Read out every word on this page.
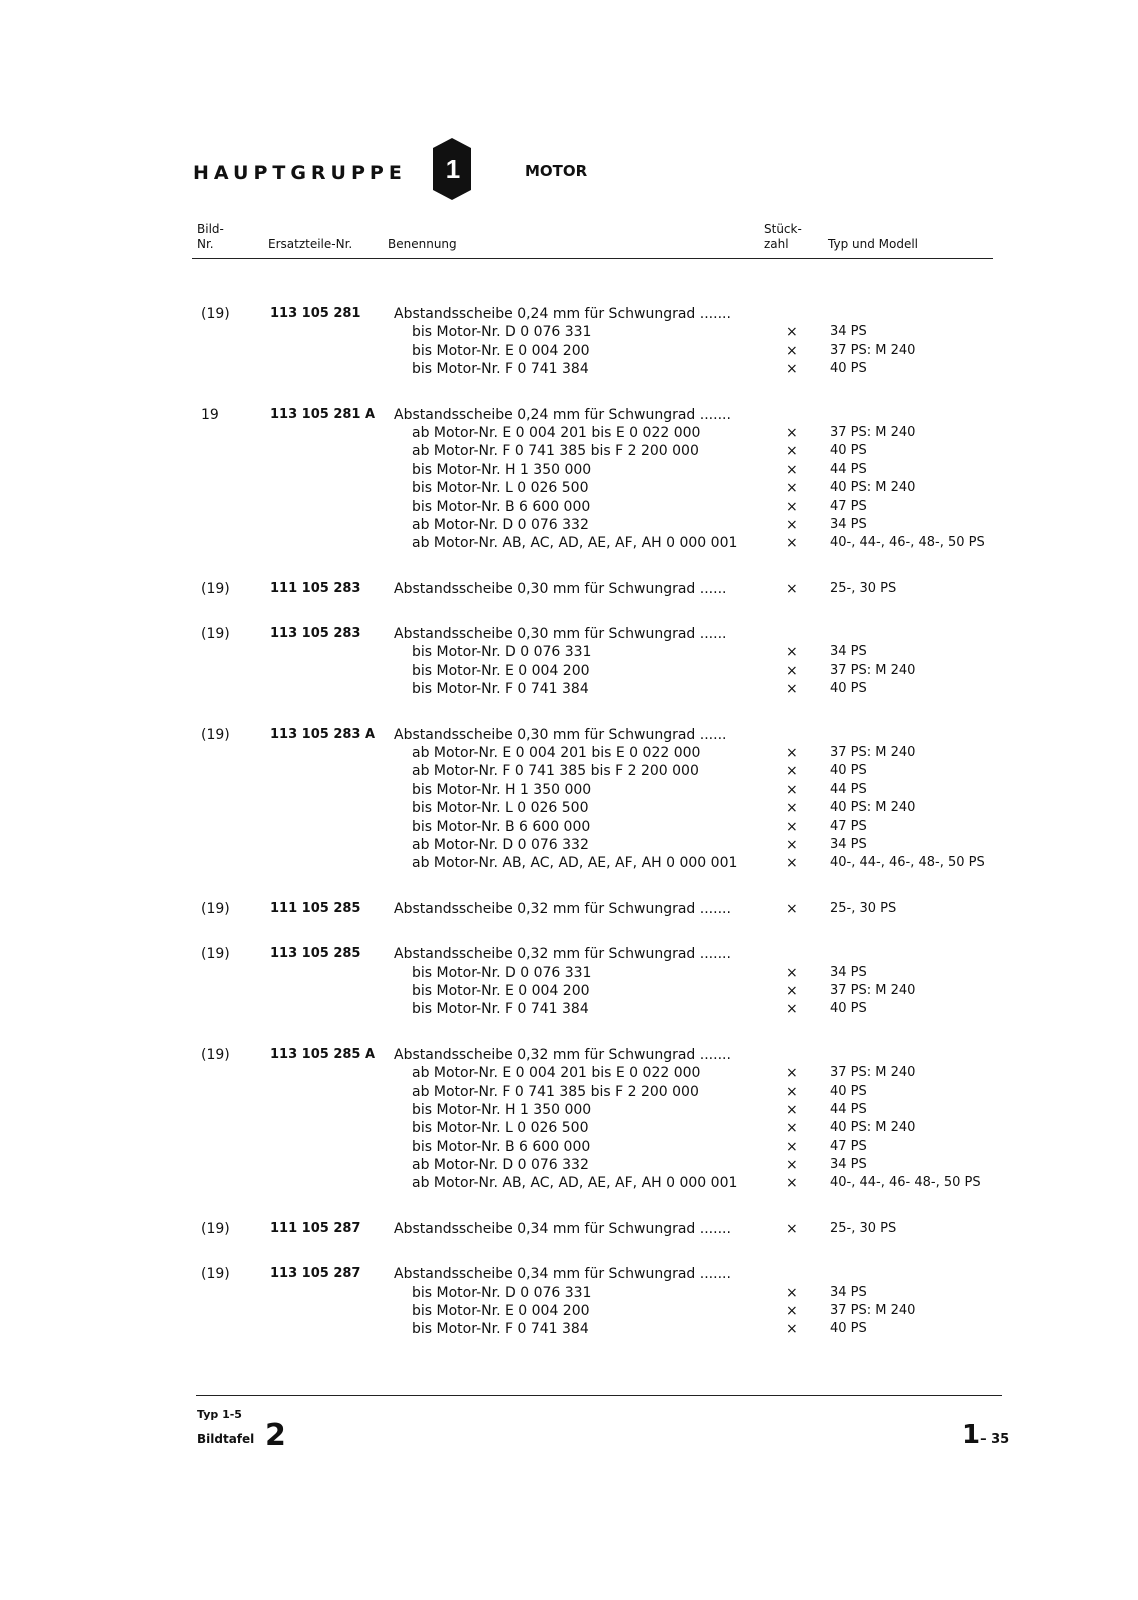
HAUPTGRUPPE 1	MOTOR
Bild-
Nr.	Ersatzteile-Nr.	Benennung
Stück-
zahl	Typ und Modell
(19)	113 105 281 Abstandsscheibe 0,24 mm für Schwungrad .......
bis Motor-Nr. D 0 076 331	× 34 PS
bis Motor-Nr. E 0 004 200	× 37 PS: M 240
bis Motor-Nr. F 0 741 384	× 40 PS
19	113 105 281 A Abstandsscheibe 0,24 mm für Schwungrad .......
ab Motor-Nr. E 0 004 201 bis E 0 022 000	× 37 PS: M 240
ab Motor-Nr. F 0 741 385 bis F 2 200 000	× 40 PS
bis Motor-Nr. H 1 350 000	× 44 PS
bis Motor-Nr. L 0 026 500	× 40 PS: M 240
bis Motor-Nr. B 6 600 000	× 47 PS
ab Motor-Nr. D 0 076 332	× 34 PS
ab Motor-Nr. AB, AC, AD, AE, AF, AH 0 000 001	× 40-, 44-, 46-, 48-, 50 PS
(19)	111 105 283 Abstandsscheibe 0,30 mm für Schwungrad ......	× 25-, 30 PS
(19)	113 105 283 Abstandsscheibe 0,30 mm für Schwungrad ......
bis Motor-Nr. D 0 076 331	× 34 PS
bis Motor-Nr. E 0 004 200	× 37 PS: M 240
bis Motor-Nr. F 0 741 384	× 40 PS
(19)	113 105 283 A Abstandsscheibe 0,30 mm für Schwungrad ......
ab Motor-Nr. E 0 004 201 bis E 0 022 000	× 37 PS: M 240
ab Motor-Nr. F 0 741 385 bis F 2 200 000	× 40 PS
bis Motor-Nr. H 1 350 000	× 44 PS
bis Motor-Nr. L 0 026 500	× 40 PS: M 240
bis Motor-Nr. B 6 600 000	× 47 PS
ab Motor-Nr. D 0 076 332	× 34 PS
ab Motor-Nr. AB, AC, AD, AE, AF, AH 0 000 001	× 40-, 44-, 46-, 48-, 50 PS
(19)	111 105 285 Abstandsscheibe 0,32 mm für Schwungrad .......	× 25-, 30 PS
(19)	113 105 285 Abstandsscheibe 0,32 mm für Schwungrad .......
bis Motor-Nr. D 0 076 331	× 34 PS
bis Motor-Nr. E 0 004 200	× 37 PS: M 240
bis Motor-Nr. F 0 741 384	× 40 PS
(19)	113 105 285 A Abstandsscheibe 0,32 mm für Schwungrad .......
ab Motor-Nr. E 0 004 201 bis E 0 022 000	× 37 PS: M 240
ab Motor-Nr. F 0 741 385 bis F 2 200 000	× 40 PS
bis Motor-Nr. H 1 350 000	× 44 PS
bis Motor-Nr. L 0 026 500	× 40 PS: M 240
bis Motor-Nr. B 6 600 000	× 47 PS
ab Motor-Nr. D 0 076 332	× 34 PS
ab Motor-Nr. AB, AC, AD, AE, AF, AH 0 000 001	× 40-, 44-, 46- 48-, 50 PS
(19)	111 105 287 Abstandsscheibe 0,34 mm für Schwungrad .......	× 25-, 30 PS
(19)	113 105 287 Abstandsscheibe 0,34 mm für Schwungrad .......
bis Motor-Nr. D 0 076 331	× 34 PS
bis Motor-Nr. E 0 004 200	× 37 PS: M 240
bis Motor-Nr. F 0 741 384	× 40 PS
Typ 1-5
Bildtafel 2	1– 35
